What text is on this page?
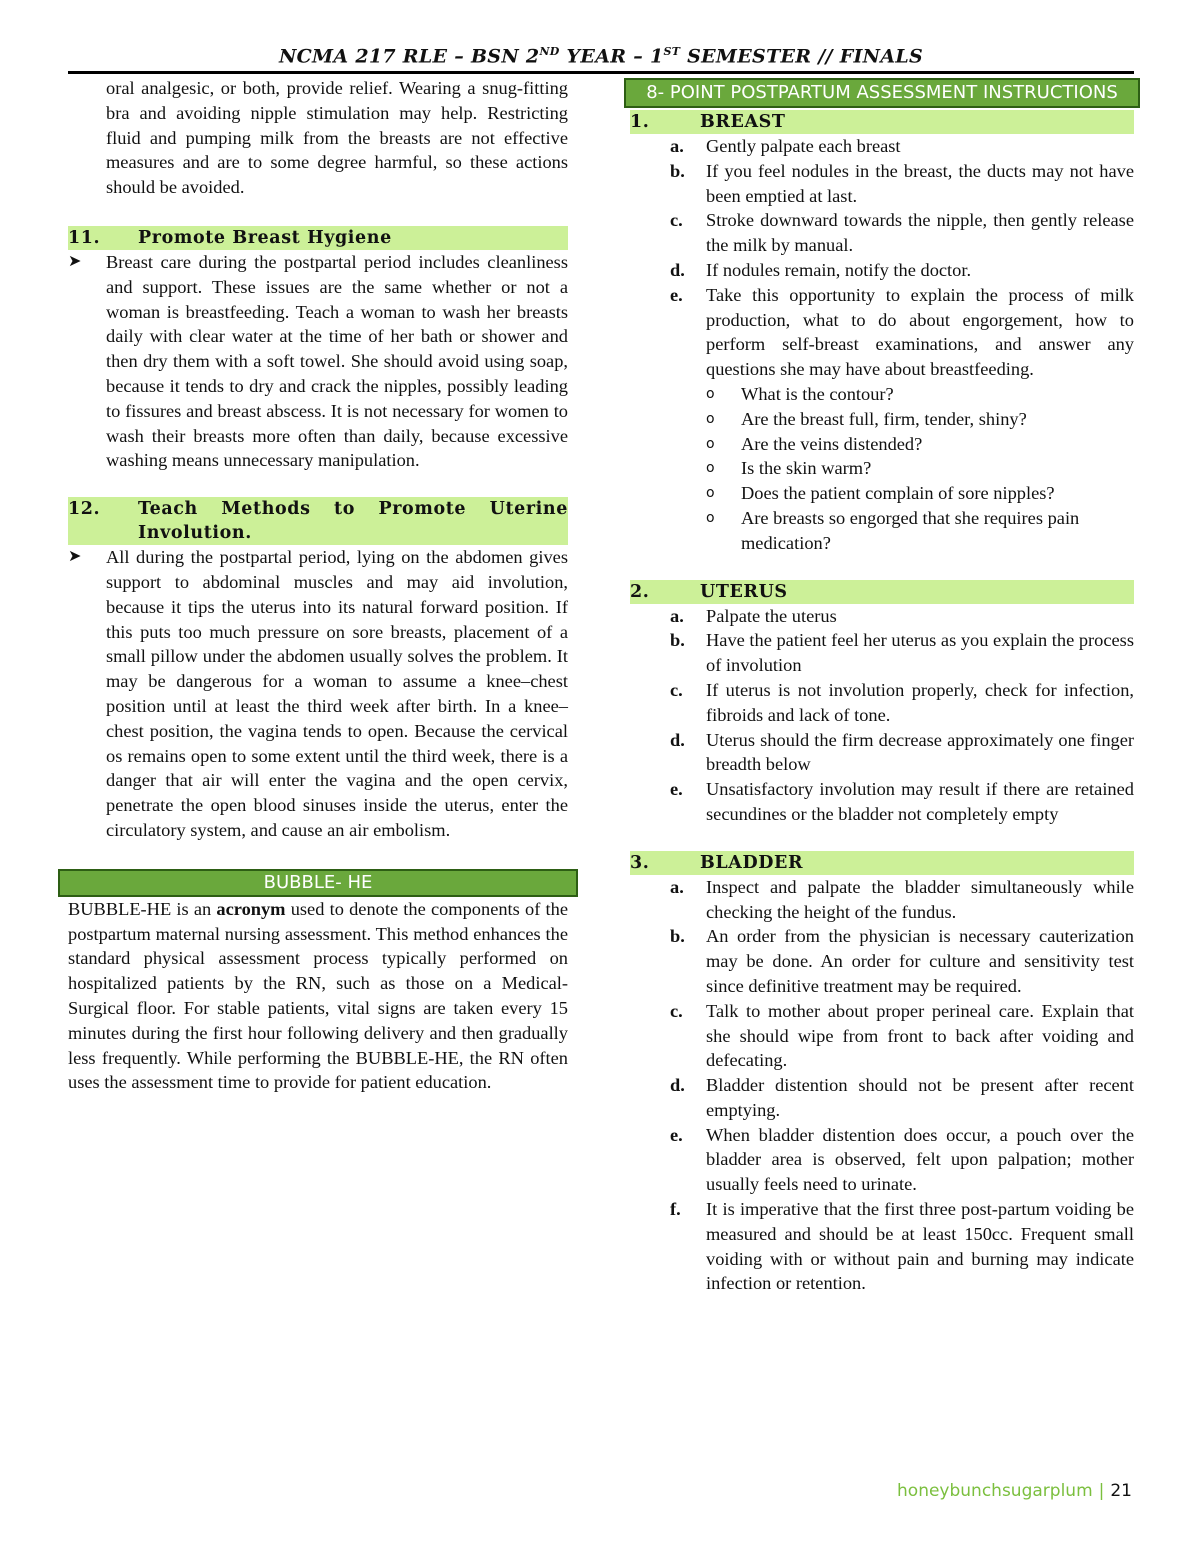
NCMA 217 RLE – BSN 2ND YEAR – 1ST SEMESTER // FINALS
oral analgesic, or both, provide relief. Wearing a snug-fitting bra and avoiding nipple stimulation may help. Restricting fluid and pumping milk from the breasts are not effective measures and are to some degree harmful, so these actions should be avoided.
11.	Promote Breast Hygiene
➤	Breast care during the postpartal period includes cleanliness and support. These issues are the same whether or not a woman is breastfeeding. Teach a woman to wash her breasts daily with clear water at the time of her bath or shower and then dry them with a soft towel. She should avoid using soap, because it tends to dry and crack the nipples, possibly leading to fissures and breast abscess. It is not necessary for women to wash their breasts more often than daily, because excessive washing means unnecessary manipulation.
12.	Teach Methods to Promote Uterine Involution.
➤	All during the postpartal period, lying on the abdomen gives support to abdominal muscles and may aid involution, because it tips the uterus into its natural forward position. If this puts too much pressure on sore breasts, placement of a small pillow under the abdomen usually solves the problem. It may be dangerous for a woman to assume a knee–chest position until at least the third week after birth. In a knee–chest position, the vagina tends to open. Because the cervical os remains open to some extent until the third week, there is a danger that air will enter the vagina and the open cervix, penetrate the open blood sinuses inside the uterus, enter the circulatory system, and cause an air embolism.
BUBBLE- HE
BUBBLE-HE is an acronym used to denote the components of the postpartum maternal nursing assessment. This method enhances the standard physical assessment process typically performed on hospitalized patients by the RN, such as those on a Medical-Surgical floor. For stable patients, vital signs are taken every 15 minutes during the first hour following delivery and then gradually less frequently. While performing the BUBBLE-HE, the RN often uses the assessment time to provide for patient education.
8- POINT POSTPARTUM ASSESSMENT INSTRUCTIONS
1.	BREAST
a.	Gently palpate each breast
b.	If you feel nodules in the breast, the ducts may not have been emptied at last.
c.	Stroke downward towards the nipple, then gently release the milk by manual.
d.	If nodules remain, notify the doctor.
e.	Take this opportunity to explain the process of milk production, what to do about engorgement, how to perform self-breast examinations, and answer any questions she may have about breastfeeding.
o	What is the contour?
o	Are the breast full, firm, tender, shiny?
o	Are the veins distended?
o	Is the skin warm?
o	Does the patient complain of sore nipples?
o	Are breasts so engorged that she requires pain medication?
2.	UTERUS
a.	Palpate the uterus
b.	Have the patient feel her uterus as you explain the process of involution
c.	If uterus is not involution properly, check for infection, fibroids and lack of tone.
d.	Uterus should the firm decrease approximately one finger breadth below
e.	Unsatisfactory involution may result if there are retained secundines or the bladder not completely empty
3.	BLADDER
a.	Inspect and palpate the bladder simultaneously while checking the height of the fundus.
b.	An order from the physician is necessary cauterization may be done. An order for culture and sensitivity test since definitive treatment may be required.
c.	Talk to mother about proper perineal care. Explain that she should wipe from front to back after voiding and defecating.
d.	Bladder distention should not be present after recent emptying.
e.	When bladder distention does occur, a pouch over the bladder area is observed, felt upon palpation; mother usually feels need to urinate.
f.	It is imperative that the first three post-partum voiding be measured and should be at least 150cc. Frequent small voiding with or without pain and burning may indicate infection or retention.
honeybunchsugarplum | 21
